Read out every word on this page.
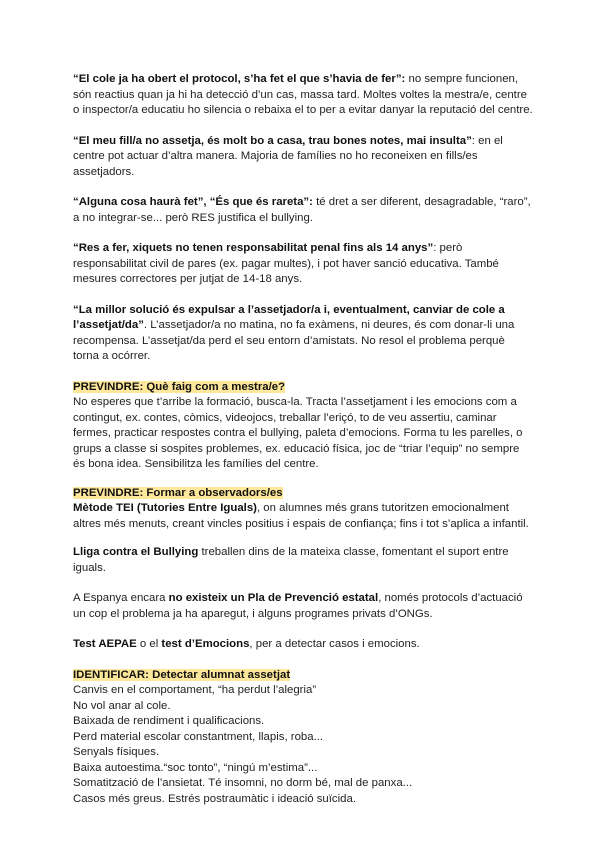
“El cole ja ha obert el protocol, s’ha fet el que s’havia de fer”: no sempre funcionen, són reactius quan ja hi ha detecció d’un cas, massa tard. Moltes voltes la mestra/e, centre o inspector/a educatiu ho silencia o rebaixa el to per a evitar danyar la reputació del centre.

“El meu fill/a no assetja, és molt bo a casa, trau bones notes, mai insulta”: en el centre pot actuar d’altra manera. Majoria de famílies no ho reconeixen en fills/es assetjadors.

“Alguna cosa haurà fet”, “És que és rareta”: té dret a ser diferent, desagradable, “raro”, a no integrar-se... però RES justifica el bullying.

“Res a fer, xiquets no tenen responsabilitat penal fins als 14 anys”: però responsabilitat civil de pares (ex. pagar multes), i pot haver sanció educativa. També mesures correctores per jutjat de 14-18 anys.

“La millor solució és expulsar a l’assetjador/a i, eventualment, canviar de cole a l’assetjat/da”. L’assetjador/a no matina, no fa exàmens, ni deures, és com donar-li una recompensa. L’assetjat/da perd el seu entorn d’amistats. No resol el problema perquè torna a ocórrer.

PREVINDRE: Què faig com a mestra/e?
No esperes que t’arribe la formació, busca-la. Tracta l’assetjament i les emocions com a contingut, ex. contes, còmics, videojocs, treballar l’eriçó, to de veu assertiu, caminar fermes, practicar respostes contra el bullying, paleta d’emocions. Forma tu les parelles, o grups a classe si sospites problemes, ex. educació física, joc de “triar l’equip” no sempre és bona idea. Sensibilitza les famílies del centre.
PREVINDRE: Formar a observadors/es
Mètode TEI (Tutories Entre Iguals), on alumnes més grans tutoritzen emocionalment altres més menuts, creant vincles positius i espais de confiança; fins i tot s’aplica a infantil.

Lliga contra el Bullying treballen dins de la mateixa classe, fomentant el suport entre iguals.

A Espanya encara no existeix un Pla de Prevenció estatal, només protocols d’actuació un cop el problema ja ha aparegut, i alguns programes privats d’ONGs.

Test AEPAE o el test d’Emocions, per a detectar casos i emocions.

IDENTIFICAR: Detectar alumnat assetjat
Canvis en el comportament, “ha perdut l’alegria”
No vol anar al cole.
Baixada de rendiment i qualificacions.
Perd material escolar constantment, llapis, roba...
Senyals físiques.
Baixa autoestima.“soc tonto”, “ningú m’estima”...
Somatització de l’ansietat. Té insomni, no dorm bé, mal de panxa...
Casos més greus. Estrés postraumàtic i ideació suïcida.
